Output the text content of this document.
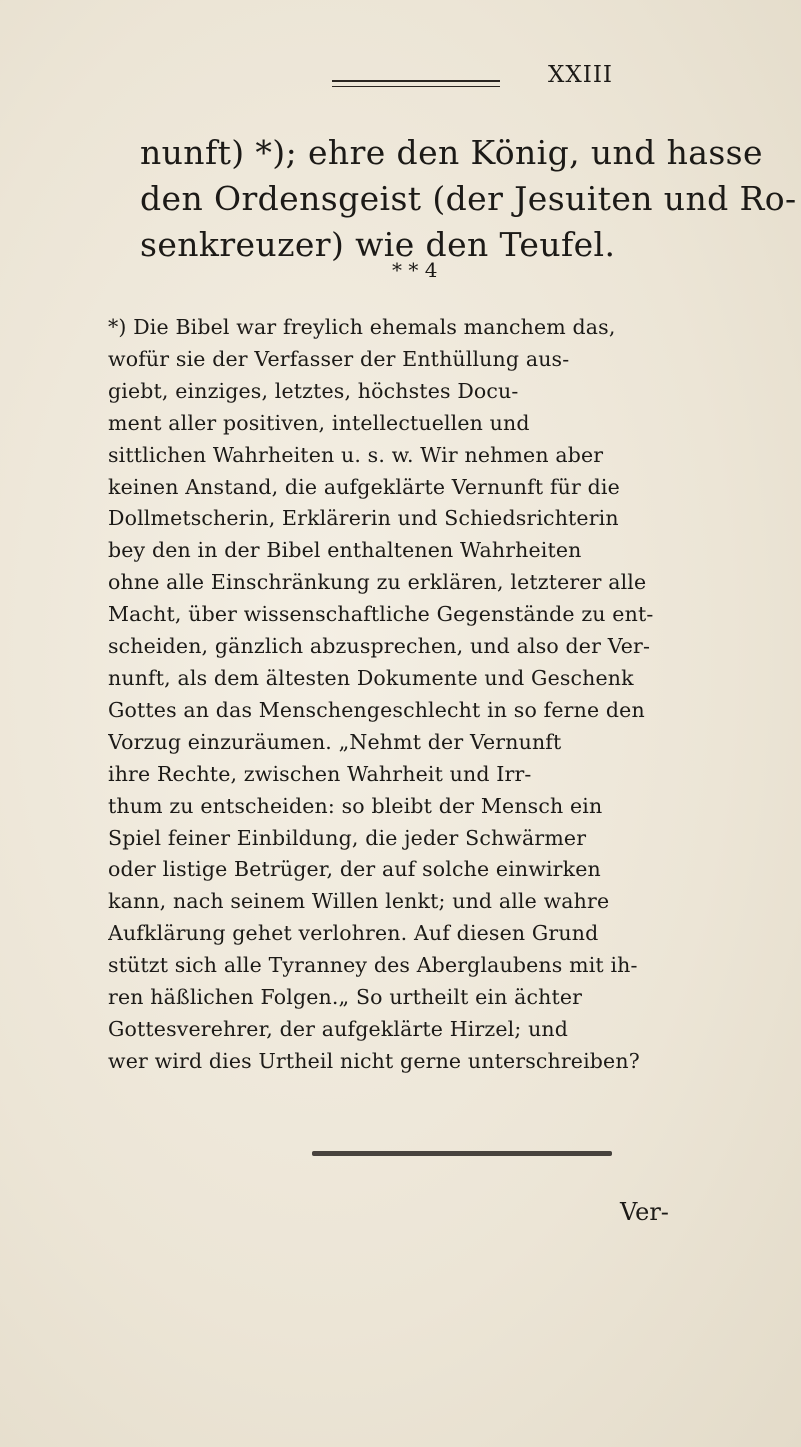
XXIII
nunft) *); ehre den König, und hasse
den Ordensgeist (der Jesuiten und Ro-
senkreuzer) wie den Teufel.
* * 4
*) Die Bibel war freylich ehemals manchem das,
wofür sie der Verfasser der Enthüllung aus-
giebt, einziges, letztes, höchstes Docu-
ment aller positiven, intellectuellen und
sittlichen Wahrheiten u. s. w. Wir nehmen aber
keinen Anstand, die aufgeklärte Vernunft für die
Dollmetscherin, Erklärerin und Schiedsrichterin
bey den in der Bibel enthaltenen Wahrheiten
ohne alle Einschränkung zu erklären, letzterer alle
Macht, über wissenschaftliche Gegenstände zu ent-
scheiden, gänzlich abzusprechen, und also der Ver-
nunft, als dem ältesten Dokumente und Geschenk
Gottes an das Menschengeschlecht in so ferne den
Vorzug einzuräumen. „Nehmt der Vernunft
ihre Rechte, zwischen Wahrheit und Irr-
thum zu entscheiden: so bleibt der Mensch ein
Spiel feiner Einbildung, die jeder Schwärmer
oder listige Betrüger, der auf solche einwirken
kann, nach seinem Willen lenkt; und alle wahre
Aufklärung gehet verlohren. Auf diesen Grund
stützt sich alle Tyranney des Aberglaubens mit ih-
ren häßlichen Folgen.„ So urtheilt ein ächter
Gottesverehrer, der aufgeklärte Hirzel; und
wer wird dies Urtheil nicht gerne unterschreiben?
Ver-
